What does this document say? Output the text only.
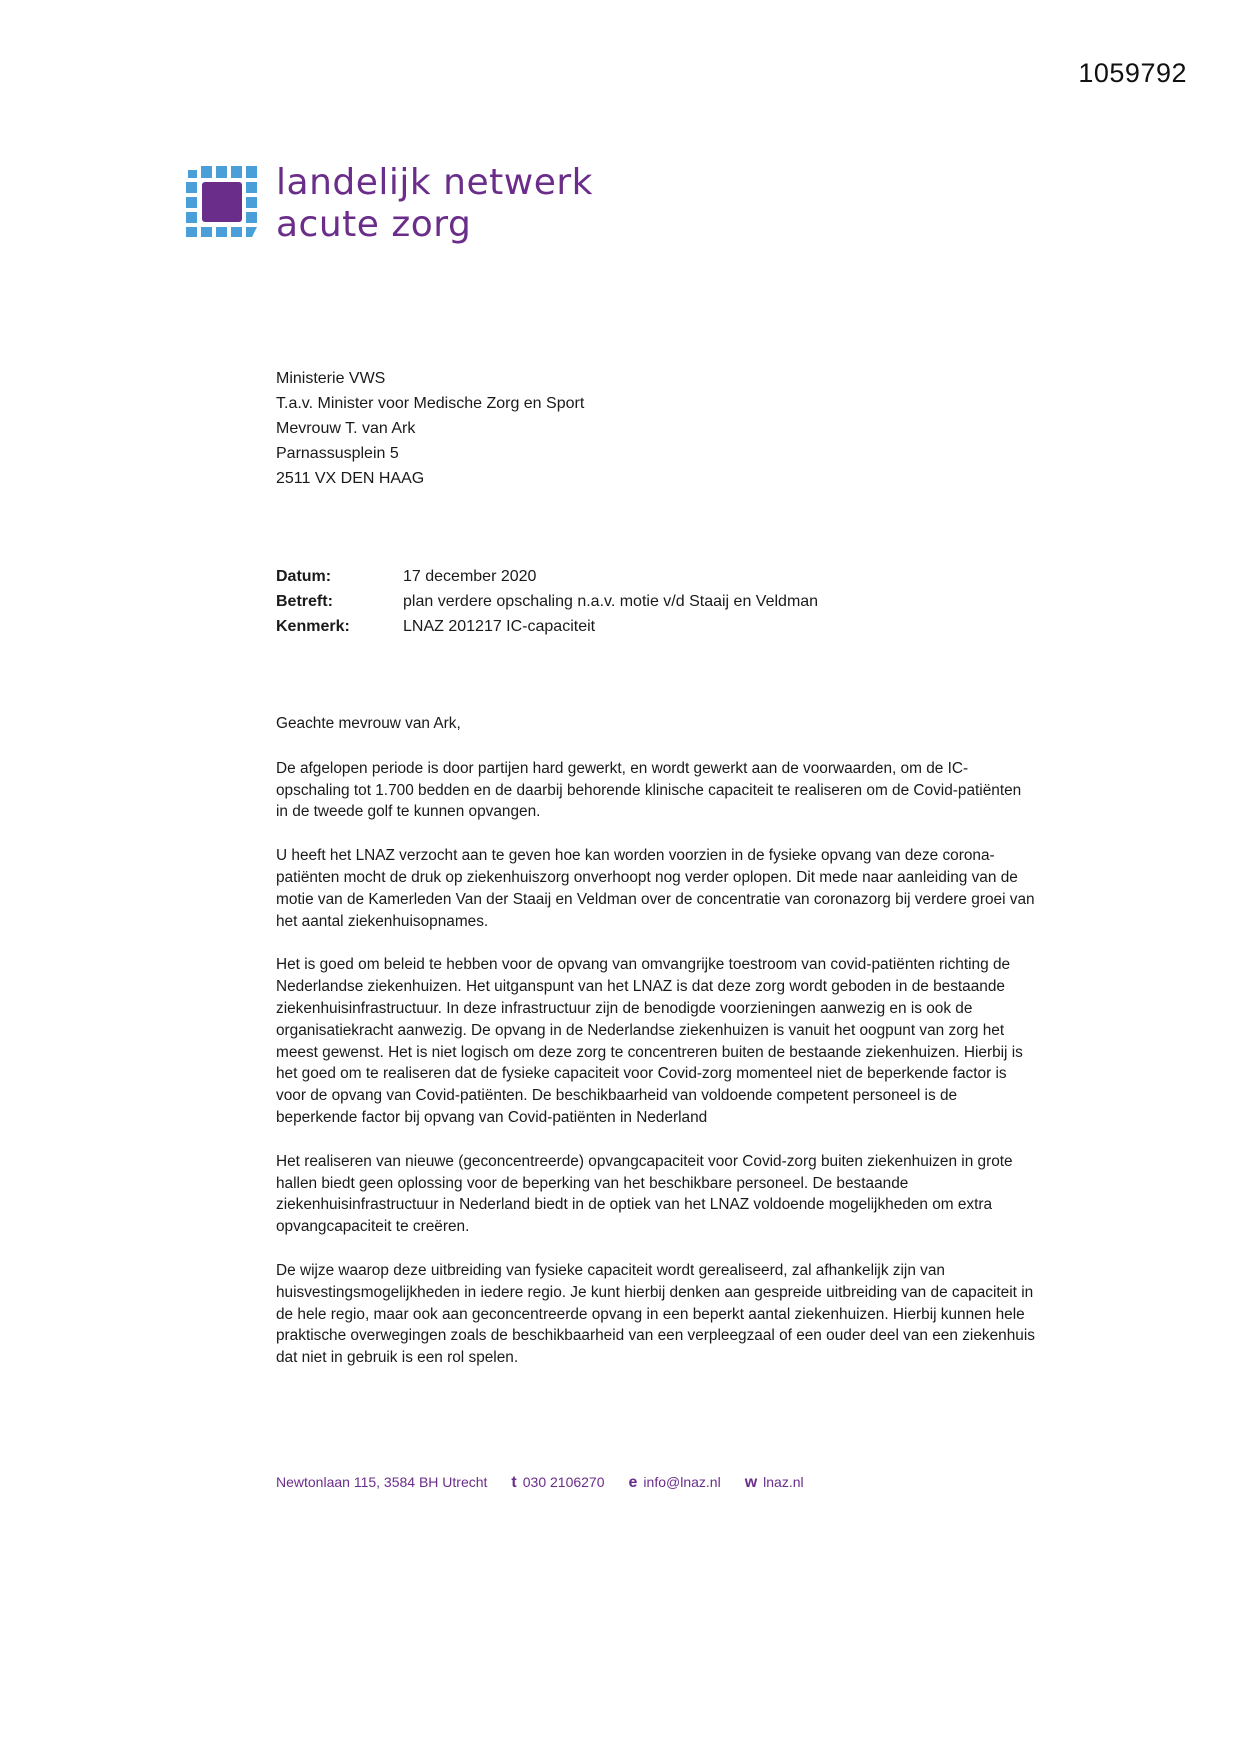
1059792
landelijk netwerk
acute zorg
Ministerie VWS
T.a.v. Minister voor Medische Zorg en Sport
Mevrouw T. van Ark
Parnassusplein 5
2511 VX DEN HAAG
Datum:	17 december 2020
Betreft:	plan verdere opschaling n.a.v. motie v/d Staaij en Veldman
Kenmerk:	LNAZ 201217 IC-capaciteit

Geachte mevrouw van Ark,

De afgelopen periode is door partijen hard gewerkt, en wordt gewerkt aan de voorwaarden, om de IC-opschaling tot 1.700 bedden en de daarbij behorende klinische capaciteit te realiseren om de Covid-patiënten in de tweede golf te kunnen opvangen.

U heeft het LNAZ verzocht aan te geven hoe kan worden voorzien in de fysieke opvang van deze coronapatiënten mocht de druk op ziekenhuiszorg onverhoopt nog verder oplopen. Dit mede naar aanleiding van de motie van de Kamerleden Van der Staaij en Veldman over de concentratie van coronazorg bij verdere groei van het aantal ziekenhuisopnames.

Het is goed om beleid te hebben voor de opvang van omvangrijke toestroom van covid-patiënten richting de Nederlandse ziekenhuizen. Het uitganspunt van het LNAZ is dat deze zorg wordt geboden in de bestaande ziekenhuisinfrastructuur. In deze infrastructuur zijn de benodigde voorzieningen aanwezig en is ook de organisatiekracht aanwezig. De opvang in de Nederlandse ziekenhuizen is vanuit het oogpunt van zorg het meest gewenst. Het is niet logisch om deze zorg te concentreren buiten de bestaande ziekenhuizen. Hierbij is het goed om te realiseren dat de fysieke capaciteit voor Covid-zorg momenteel niet de beperkende factor is voor de opvang van Covid-patiënten. De beschikbaarheid van voldoende competent personeel is de beperkende factor bij opvang van Covid-patiënten in Nederland

Het realiseren van nieuwe (geconcentreerde) opvangcapaciteit voor Covid-zorg buiten ziekenhuizen in grote hallen biedt geen oplossing voor de beperking van het beschikbare personeel. De bestaande ziekenhuisinfrastructuur in Nederland biedt in de optiek van het LNAZ voldoende mogelijkheden om extra opvangcapaciteit te creëren.

De wijze waarop deze uitbreiding van fysieke capaciteit wordt gerealiseerd, zal afhankelijk zijn van huisvestingsmogelijkheden in iedere regio. Je kunt hierbij denken aan gespreide uitbreiding van de capaciteit in de hele regio, maar ook aan geconcentreerde opvang in een beperkt aantal ziekenhuizen. Hierbij kunnen hele praktische overwegingen zoals de beschikbaarheid van een verpleegzaal of een ouder deel van een ziekenhuis dat niet in gebruik is een rol spelen.

Newtonlaan 115, 3584 BH Utrecht t 030 2106270 e info@lnaz.nl w lnaz.nl
